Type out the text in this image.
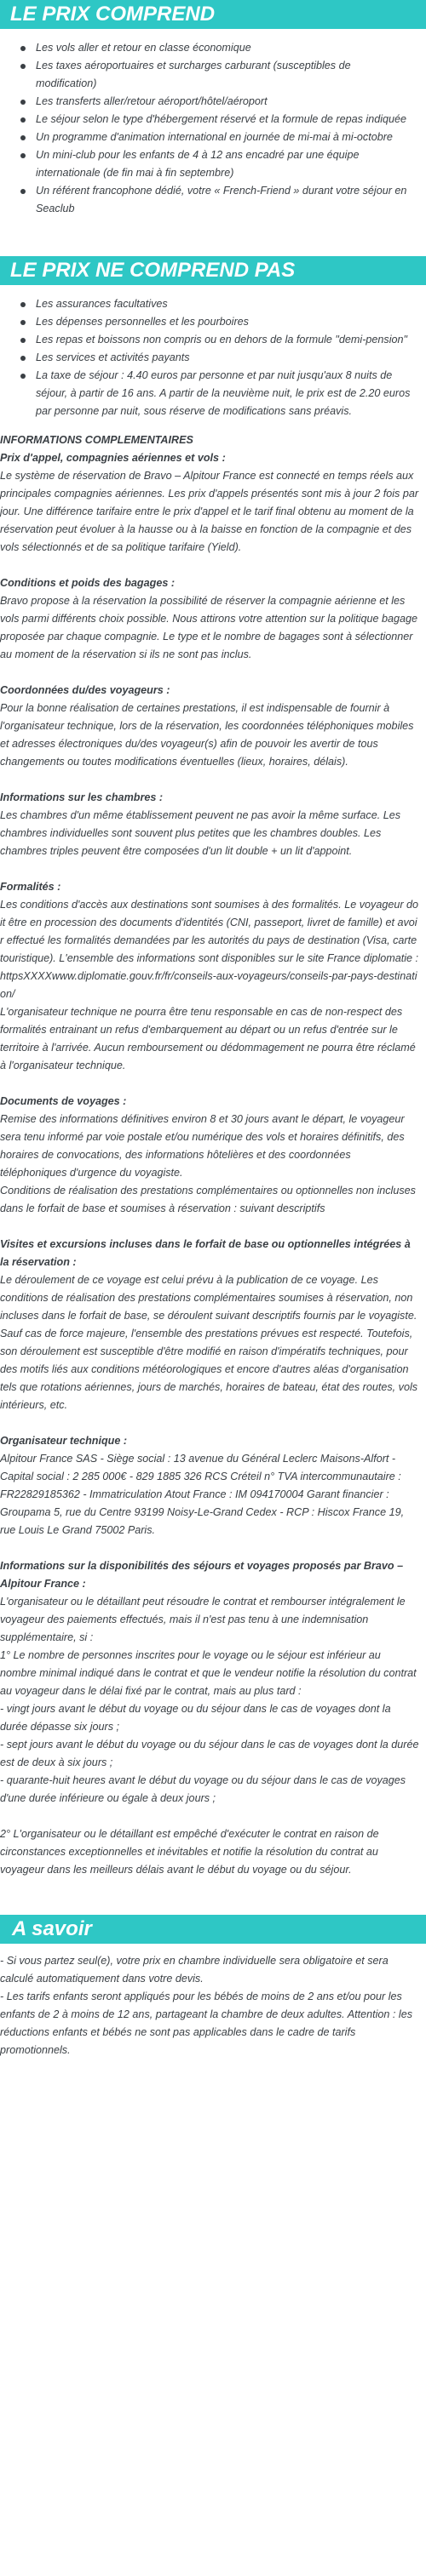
LE PRIX COMPREND
Les vols aller et retour en classe économique
Les taxes aéroportuaires et surcharges carburant (susceptibles de modification)
Les transferts aller/retour aéroport/hôtel/aéroport
Le séjour selon le type d'hébergement réservé et la formule de repas indiquée
Un programme d'animation international en journée de mi-mai à mi-octobre
Un mini-club pour les enfants de 4 à 12 ans encadré par une équipe internationale (de fin mai à fin septembre)
Un référent francophone dédié, votre « French-Friend » durant votre séjour en Seaclub
LE PRIX NE COMPREND PAS
Les assurances facultatives
Les dépenses personnelles et les pourboires
Les repas et boissons non compris ou en dehors de la formule "demi-pension"
Les services et activités payants
La taxe de séjour : 4.40 euros par personne et par nuit jusqu'aux 8 nuits de séjour, à partir de 16 ans. A partir de la neuvième nuit, le prix est de 2.20 euros par personne par nuit, sous réserve de modifications sans préavis.

INFORMATIONS COMPLEMENTAIRES

Prix d'appel, compagnies aériennes et vols :

Le système de réservation de Bravo – Alpitour France est connecté en temps réels aux principales compagnies aériennes. Les prix d'appels présentés sont mis à jour 2 fois par jour. Une différence tarifaire entre le prix d'appel et le tarif final obtenu au moment de la réservation peut évoluer à la hausse ou à la baisse en fonction de la compagnie et des vols sélectionnés et de sa politique tarifaire (Yield).

Conditions et poids des bagages :

Bravo propose à la réservation la possibilité de réserver la compagnie aérienne et les vols parmi différents choix possible. Nous attirons votre attention sur la politique bagage proposée par chaque compagnie. Le type et le nombre de bagages sont à sélectionner au moment de la réservation si ils ne sont pas inclus.

Coordonnées du/des voyageurs :

Pour la bonne réalisation de certaines prestations, il est indispensable de fournir à l'organisateur technique, lors de la réservation, les coordonnées téléphoniques mobiles et adresses électroniques du/des voyageur(s) afin de pouvoir les avertir de tous changements ou toutes modifications éventuelles (lieux, horaires, délais).

Informations sur les chambres :

Les chambres d'un même établissement peuvent ne pas avoir la même surface. Les chambres individuelles sont souvent plus petites que les chambres doubles. Les chambres triples peuvent être composées d'un lit double + un lit d'appoint.

Formalités :

Les conditions d'accès aux destinations sont soumises à des formalités. Le voyageur doit être en procession des documents d'identités (CNI, passeport, livret de famille) et avoir effectué les formalités demandées par les autorités du pays de destination (Visa, carte touristique). L'ensemble des informations sont disponibles sur le site France diplomatie : httpsXXXXwww.diplomatie.gouv.fr/fr/conseils-aux-voyageurs/conseils-par-pays-destination/

L'organisateur technique ne pourra être tenu responsable en cas de non-respect des formalités entrainant un refus d'embarquement au départ ou un refus d'entrée sur le territoire à l'arrivée. Aucun remboursement ou dédommagement ne pourra être réclamé à l'organisateur technique.

Documents de voyages :

Remise des informations définitives environ 8 et 30 jours avant le départ, le voyageur sera tenu informé par voie postale et/ou numérique des vols et horaires définitifs, des horaires de convocations, des informations hôtelières et des coordonnées téléphoniques d'urgence du voyagiste.

Conditions de réalisation des prestations complémentaires ou optionnelles non incluses dans le forfait de base et soumises à réservation : suivant descriptifs

Visites et excursions incluses dans le forfait de base ou optionnelles intégrées à la réservation :

Le déroulement de ce voyage est celui prévu à la publication de ce voyage. Les conditions de réalisation des prestations complémentaires soumises à réservation, non incluses dans le forfait de base, se déroulent suivant descriptifs fournis par le voyagiste. Sauf cas de force majeure, l'ensemble des prestations prévues est respecté. Toutefois, son déroulement est susceptible d'être modifié en raison d'impératifs techniques, pour des motifs liés aux conditions météorologiques et encore d'autres aléas d'organisation tels que rotations aériennes, jours de marchés, horaires de bateau, état des routes, vols intérieurs, etc.

Organisateur technique :

Alpitour France SAS - Siège social : 13 avenue du Général Leclerc Maisons-Alfort - Capital social : 2 285 000€ - 829 1885 326 RCS Créteil n° TVA intercommunautaire : FR22829185362 - Immatriculation Atout France : IM 094170004 Garant financier : Groupama 5, rue du Centre 93199 Noisy-Le-Grand Cedex - RCP : Hiscox France 19, rue Louis Le Grand 75002 Paris.

Informations sur la disponibilités des séjours et voyages proposés par Bravo – Alpitour France :

L'organisateur ou le détaillant peut résoudre le contrat et rembourser intégralement le voyageur des paiements effectués, mais il n'est pas tenu à une indemnisation supplémentaire, si :

1° Le nombre de personnes inscrites pour le voyage ou le séjour est inférieur au nombre minimal indiqué dans le contrat et que le vendeur notifie la résolution du contrat au voyageur dans le délai fixé par le contrat, mais au plus tard :

- vingt jours avant le début du voyage ou du séjour dans le cas de voyages dont la durée dépasse six jours ;

- sept jours avant le début du voyage ou du séjour dans le cas de voyages dont la durée est de deux à six jours ;

- quarante-huit heures avant le début du voyage ou du séjour dans le cas de voyages d'une durée inférieure ou égale à deux jours ;

2° L'organisateur ou le détaillant est empêché d'exécuter le contrat en raison de circonstances exceptionnelles et inévitables et notifie la résolution du contrat au voyageur dans les meilleurs délais avant le début du voyage ou du séjour.

A savoir

- Si vous partez seul(e), votre prix en chambre individuelle sera obligatoire et sera calculé automatiquement dans votre devis.

- Les tarifs enfants seront appliqués pour les bébés de moins de 2 ans et/ou pour les enfants de 2 à moins de 12 ans, partageant la chambre de deux adultes. Attention : les réductions enfants et bébés ne sont pas applicables dans le cadre de tarifs promotionnels.
